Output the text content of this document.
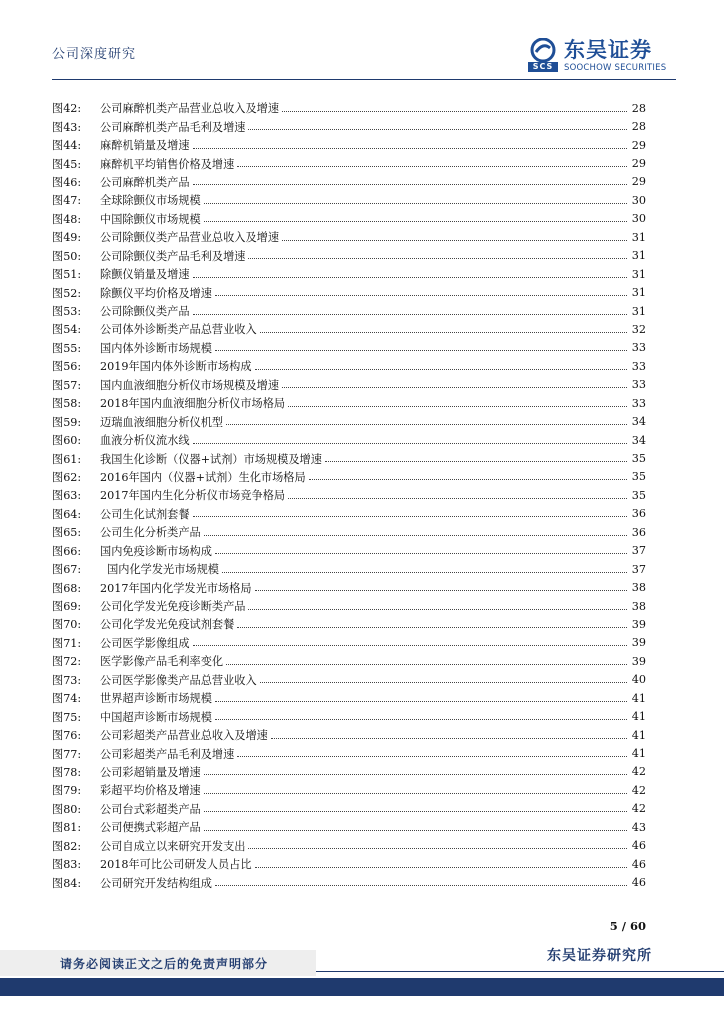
公司深度研究
SCS
东吴证券
SOOCHOW SECURITIES
图42: 公司麻醉机类产品营业总收入及增速	28
图43: 公司麻醉机类产品毛利及增速	28
图44: 麻醉机销量及增速	29
图45: 麻醉机平均销售价格及增速	29
图46: 公司麻醉机类产品	29
图47: 全球除颤仪市场规模	30
图48: 中国除颤仪市场规模	30
图49: 公司除颤仪类产品营业总收入及增速	31
图50: 公司除颤仪类产品毛利及增速	31
图51: 除颤仪销量及增速	31
图52: 除颤仪平均价格及增速	31
图53: 公司除颤仪类产品	31
图54: 公司体外诊断类产品总营业收入	32
图55: 国内体外诊断市场规模	33
图56: 2019年国内体外诊断市场构成	33
图57: 国内血液细胞分析仪市场规模及增速	33
图58: 2018年国内血液细胞分析仪市场格局	33
图59: 迈瑞血液细胞分析仪机型	34
图60: 血液分析仪流水线	34
图61: 我国生化诊断（仪器+试剂）市场规模及增速	35
图62: 2016年国内（仪器+试剂）生化市场格局	35
图63: 2017年国内生化分析仪市场竞争格局	35
图64: 公司生化试剂套餐	36
图65: 公司生化分析类产品	36
图66: 国内免疫诊断市场构成	37
图67:  国内化学发光市场规模	37
图68: 2017年国内化学发光市场格局	38
图69: 公司化学发光免疫诊断类产品	38
图70: 公司化学发光免疫试剂套餐	39
图71: 公司医学影像组成	39
图72: 医学影像产品毛利率变化	39
图73: 公司医学影像类产品总营业收入	40
图74: 世界超声诊断市场规模	41
图75: 中国超声诊断市场规模	41
图76: 公司彩超类产品营业总收入及增速	41
图77: 公司彩超类产品毛利及增速	41
图78: 公司彩超销量及增速	42
图79: 彩超平均价格及增速	42
图80: 公司台式彩超类产品	42
图81: 公司便携式彩超产品	43
图82: 公司自成立以来研究开发支出	46
图83: 2018年可比公司研发人员占比	46
图84: 公司研究开发结构组成	46
5 / 60
请务必阅读正文之后的免责声明部分	东吴证券研究所
